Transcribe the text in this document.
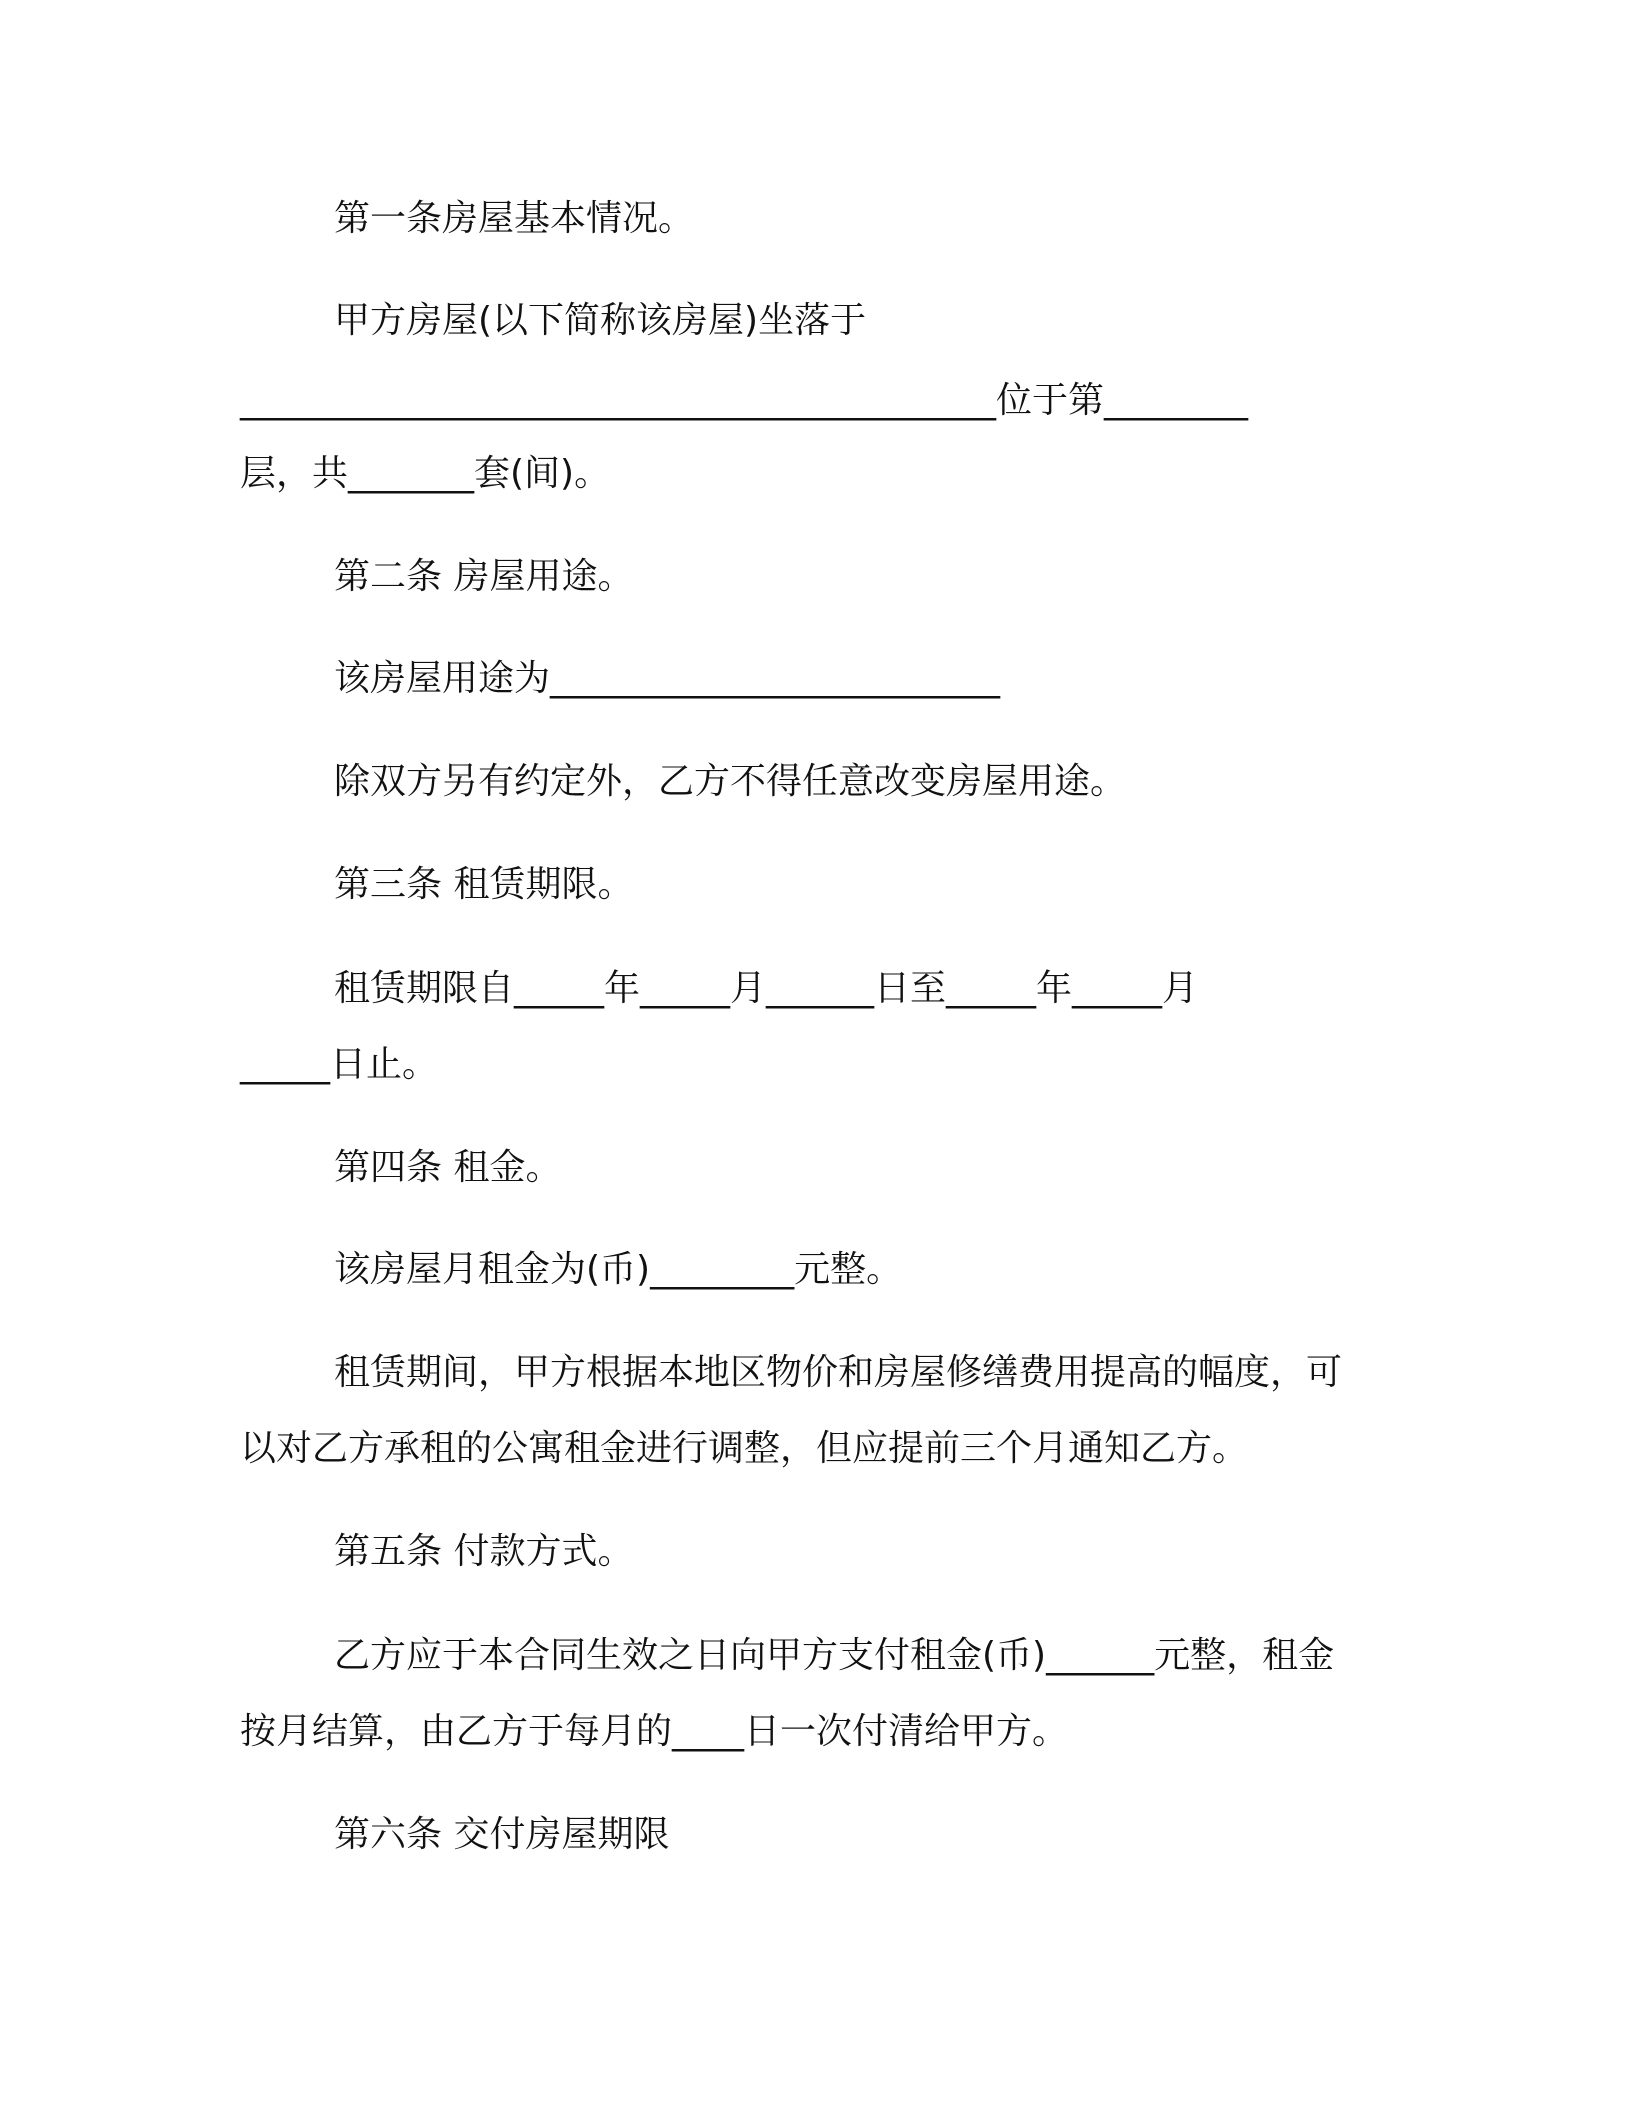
第一条房屋基本情况。
甲方房屋(以下简称该房屋)坐落于
__________________________________________位于第________
层，共_______套(间)。
第二条 房屋用途。
该房屋用途为_________________________
除双方另有约定外，乙方不得任意改变房屋用途。
第三条 租赁期限。
租赁期限自_____年_____月______日至_____年_____月
_____日止。
第四条 租金。
该房屋月租金为(币)________元整。
租赁期间，甲方根据本地区物价和房屋修缮费用提高的幅度，可
以对乙方承租的公寓租金进行调整，但应提前三个月通知乙方。
第五条 付款方式。
乙方应于本合同生效之日向甲方支付租金(币)______元整，租金
按月结算，由乙方于每月的____日一次付清给甲方。
第六条 交付房屋期限
